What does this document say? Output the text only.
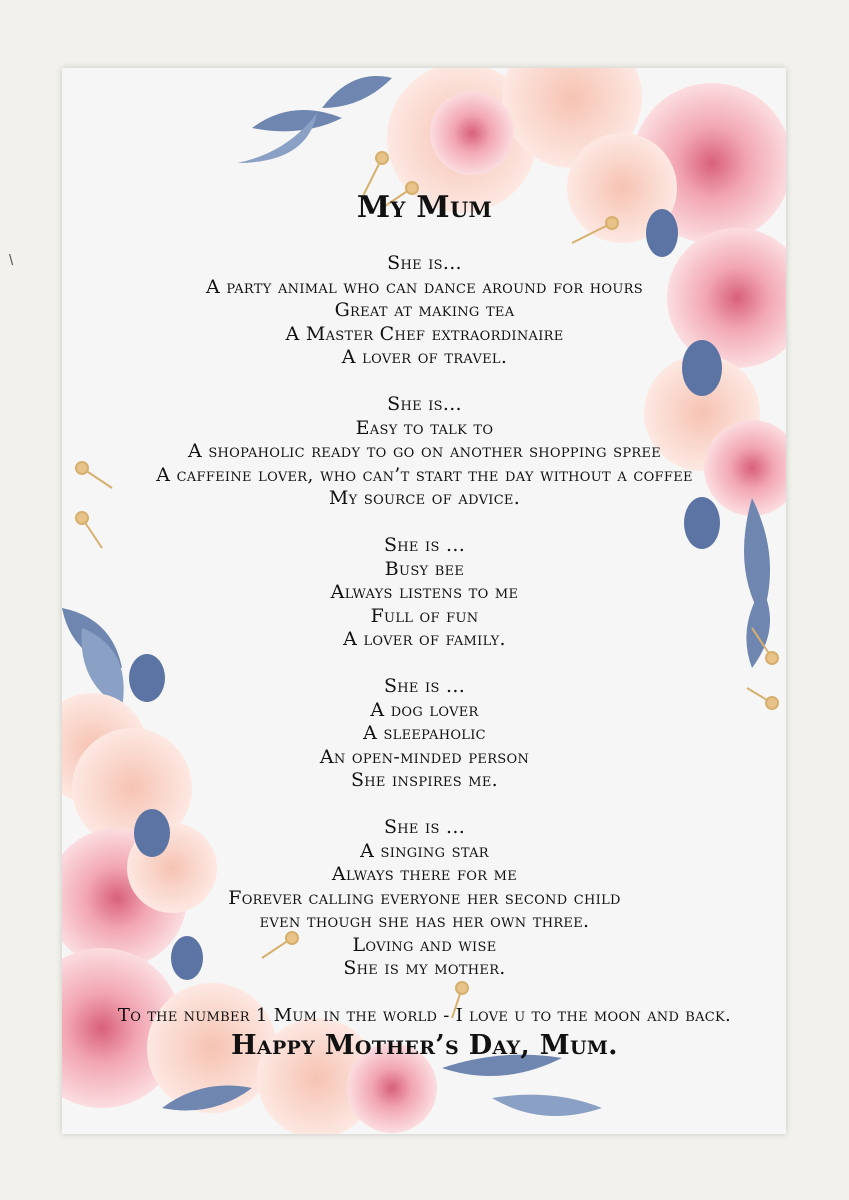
\
My Mum
She is...
A party animal who can dance around for hours
Great at making tea
A Master Chef extraordinaire
A lover of travel.
She is...
Easy to talk to
A shopaholic ready to go on another shopping spree
A caffeine lover, who can’t start the day without a coffee
My source of advice.
She is ...
Busy bee
Always listens to me
Full of fun
A lover of family.
She is ...
A dog lover
A sleepaholic
An open-minded person
She inspires me.
She is ...
A singing star
Always there for me
Forever calling everyone her second child
even though she has her own three.
Loving and wise
She is my mother.
To the number 1 Mum in the world - I love u to the moon and back.
Happy Mother’s Day, Mum.
